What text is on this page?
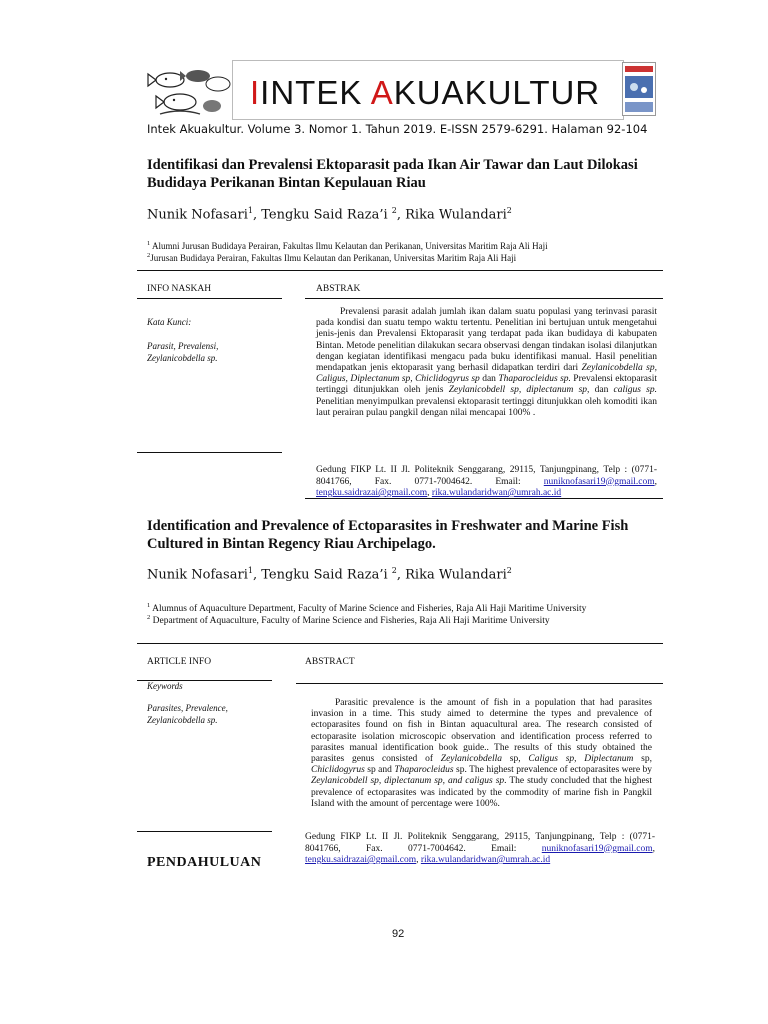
IINTEK AKUAKULTUR
Intek Akuakultur. Volume 3. Nomor 1. Tahun 2019. E-ISSN 2579-6291. Halaman 92-104
Identifikasi dan Prevalensi Ektoparasit pada Ikan Air Tawar dan Laut Dilokasi Budidaya Perikanan Bintan Kepulauan Riau
Nunik Nofasari$^1$, Tengku Said Raza’i $^2$, Rika Wulandari$^2$
$^1$ Alumni Jurusan Budidaya Perairan, Fakultas Ilmu Kelautan dan Perikanan, Universitas Maritim Raja Ali Haji
$^2$Jurusan Budidaya Perairan, Fakultas Ilmu Kelautan dan Perikanan, Universitas Maritim Raja Ali Haji
INFO NASKAH	ABSTRAK
Kata Kunci:
Parasit, Prevalensi, Zeylanicobdella sp.
Prevalensi parasit adalah jumlah ikan dalam suatu populasi yang terinvasi parasit pada kondisi dan suatu tempo waktu tertentu. Penelitian ini bertujuan untuk mengetahui jenis-jenis dan Prevalensi Ektoparasit yang terdapat pada ikan budidaya di kabupaten Bintan. Metode penelitian dilakukan secara observasi dengan tindakan isolasi dilanjutkan dengan kegiatan identifikasi mengacu pada buku identifikasi manual. Hasil penelitian mendapatkan jenis ektoparasit yang berhasil didapatkan terdiri dari Zeylanicobdella sp, Caligus, Diplectanum sp, Chiclidogyrus sp dan Thaparocleidus sp. Prevalensi ektoparasit tertinggi ditunjukkan oleh jenis Zeylanicobdell sp, diplectanum sp, dan caligus sp. Penelitian menyimpulkan prevalensi ektoparasit tertinggi ditunjukkan oleh komoditi ikan laut perairan pulau pangkil dengan nilai mencapai 100% .
Gedung FIKP Lt. II Jl. Politeknik Senggarang, 29115, Tanjungpinang, Telp : (0771-8041766, Fax. 0771-7004642. Email: nuniknofasari19@gmail.com, tengku.saidrazai@gmail.com, rika.wulandaridwan@umrah.ac.id
Identification and Prevalence of Ectoparasites in Freshwater and Marine Fish Cultured in Bintan Regency Riau Archipelago.
Nunik Nofasari$^1$, Tengku Said Raza’i $^2$, Rika Wulandari$^2$
$^1$ Alumnus of Aquaculture Department, Faculty of Marine Science and Fisheries, Raja Ali Haji Maritime University
$^2$ Department of Aquaculture, Faculty of Marine Science and Fisheries, Raja Ali Haji Maritime University
ARTICLE INFO	ABSTRACT
Keywords
Parasites, Prevalence, Zeylanicobdella sp.
Parasitic prevalence is the amount of fish in a population that had parasites invasion in a time. This study aimed to determine the types and prevalence of ectoparasites found on fish in Bintan aquacultural area. The research consisted of ectoparasite isolation microscopic observation and identification process referred to parasites manual identification book guide.. The results of this study obtained the parasites genus consisted of Zeylanicobdella sp, Caligus sp, Diplectanum sp, Chiclidogyrus sp and Thaparocleidus sp. The highest prevalence of ectoparasites were by Zeylanicobdell sp, diplectanum sp, and caligus sp. The study concluded that the highest prevalence of ectoparasites was indicated by the commodity of marine fish in Pangkil Island with the amount of percentage were 100%.
Gedung FIKP Lt. II Jl. Politeknik Senggarang, 29115, Tanjungpinang, Telp : (0771-8041766, Fax. 0771-7004642. Email: nuniknofasari19@gmail.com, tengku.saidrazai@gmail.com, rika.wulandaridwan@umrah.ac.id
PENDAHULUAN
92
